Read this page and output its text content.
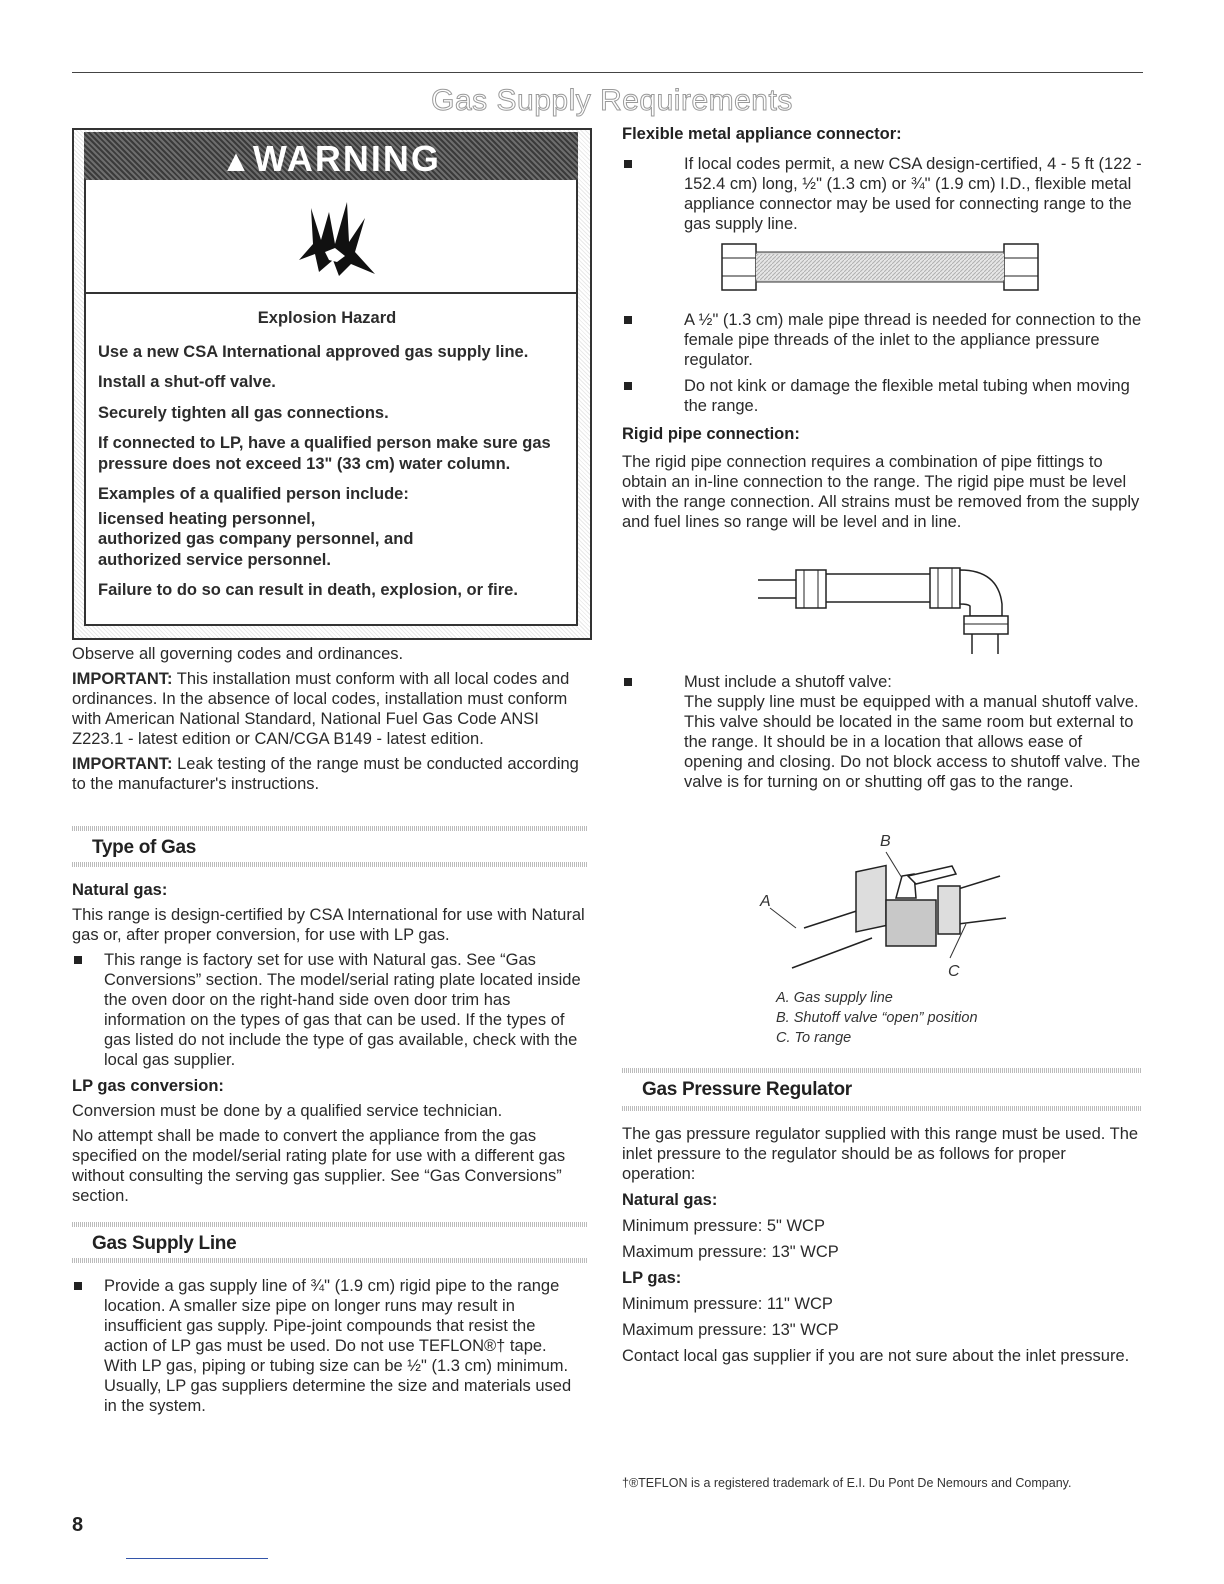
Gas Supply Requirements
▲WARNING

Explosion Hazard

Use a new CSA International approved gas supply line.

Install a shut-off valve.

Securely tighten all gas connections.

If connected to LP, have a qualified person make sure gas pressure does not exceed 13" (33 cm) water column.

Examples of a qualified person include:

licensed heating personnel,
authorized gas company personnel, and
authorized service personnel.

Failure to do so can result in death, explosion, or fire.

Observe all governing codes and ordinances.

IMPORTANT: This installation must conform with all local codes and ordinances. In the absence of local codes, installation must conform with American National Standard, National Fuel Gas Code ANSI Z223.1 - latest edition or CAN/CGA B149 - latest edition.

IMPORTANT: Leak testing of the range must be conducted according to the manufacturer's instructions.

Type of Gas

Natural gas:

This range is design-certified by CSA International for use with Natural gas or, after proper conversion, for use with LP gas.

This range is factory set for use with Natural gas. See “Gas Conversions” section. The model/serial rating plate located inside the oven door on the right-hand side oven door trim has information on the types of gas that can be used. If the types of gas listed do not include the type of gas available, check with the local gas supplier.

LP gas conversion:

Conversion must be done by a qualified service technician.

No attempt shall be made to convert the appliance from the gas specified on the model/serial rating plate for use with a different gas without consulting the serving gas supplier. See “Gas Conversions” section.

Gas Supply Line

Provide a gas supply line of ¾" (1.9 cm) rigid pipe to the range location. A smaller size pipe on longer runs may result in insufficient gas supply. Pipe-joint compounds that resist the action of LP gas must be used. Do not use TEFLON®† tape. With LP gas, piping or tubing size can be ½" (1.3 cm) minimum. Usually, LP gas suppliers determine the size and materials used in the system.

Flexible metal appliance connector:

If local codes permit, a new CSA design-certified, 4 - 5 ft (122 - 152.4 cm) long, ½" (1.3 cm) or ¾" (1.9 cm) I.D., flexible metal appliance connector may be used for connecting range to the gas supply line.

A ½" (1.3 cm) male pipe thread is needed for connection to the female pipe threads of the inlet to the appliance pressure regulator.

Do not kink or damage the flexible metal tubing when moving the range.

Rigid pipe connection:

The rigid pipe connection requires a combination of pipe fittings to obtain an in-line connection to the range. The rigid pipe must be level with the range connection. All strains must be removed from the supply and fuel lines so range will be level and in line.

Must include a shutoff valve:
The supply line must be equipped with a manual shutoff valve. This valve should be located in the same room but external to the range. It should be in a location that allows ease of opening and closing. Do not block access to shutoff valve. The valve is for turning on or shutting off gas to the range.

B
A
C
A. Gas supply line
B. Shutoff valve “open” position
C. To range
Gas Pressure Regulator

The gas pressure regulator supplied with this range must be used. The inlet pressure to the regulator should be as follows for proper operation:

Natural gas:

Minimum pressure: 5" WCP

Maximum pressure: 13" WCP

LP gas:

Minimum pressure: 11" WCP

Maximum pressure: 13" WCP

Contact local gas supplier if you are not sure about the inlet pressure.

†®TEFLON is a registered trademark of E.I. Du Pont De Nemours and Company.
8
